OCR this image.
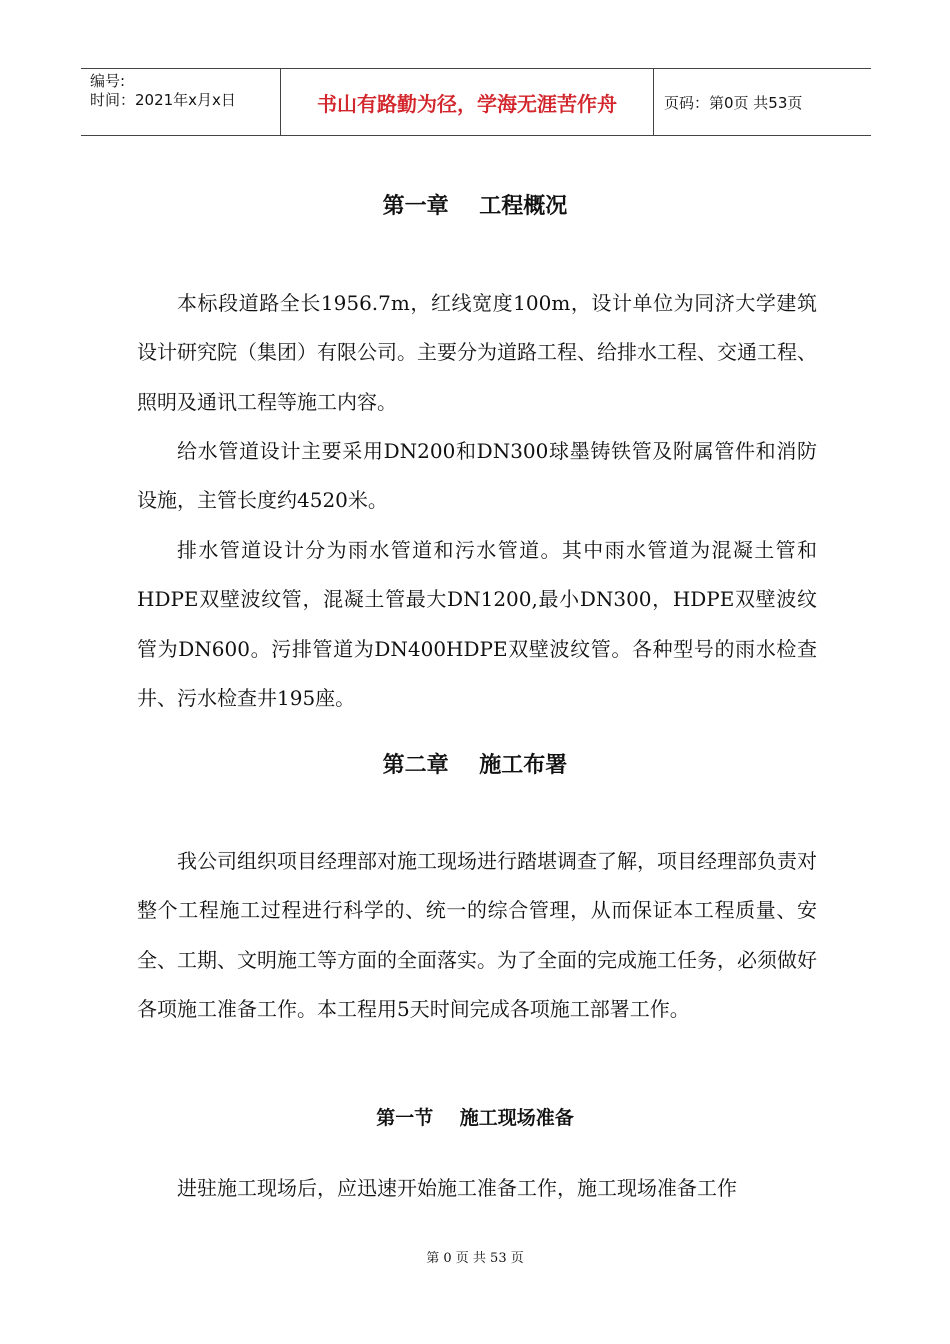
编号:
时间：2021年x月x日	书山有路勤为径，学海无涯苦作舟	页码：第0页 共53页
第一章    工程概况
本标段道路全长1956.7m，红线宽度100m，设计单位为同济大学建筑设计研究院（集团）有限公司。主要分为道路工程、给排水工程、交通工程、照明及通讯工程等施工内容。
给水管道设计主要采用DN200和DN300球墨铸铁管及附属管件和消防设施，主管长度约4520米。
排水管道设计分为雨水管道和污水管道。其中雨水管道为混凝土管和HDPE双壁波纹管，混凝土管最大DN1200,最小DN300，HDPE双壁波纹管为DN600。污排管道为DN400HDPE双壁波纹管。各种型号的雨水检查井、污水检查井195座。
第二章    施工布署
我公司组织项目经理部对施工现场进行踏堪调查了解，项目经理部负责对整个工程施工过程进行科学的、统一的综合管理，从而保证本工程质量、安全、工期、文明施工等方面的全面落实。为了全面的完成施工任务，必须做好各项施工准备工作。本工程用5天时间完成各项施工部署工作。
第一节    施工现场准备
进驻施工现场后，应迅速开始施工准备工作，施工现场准备工作
第 0 页 共 53 页
